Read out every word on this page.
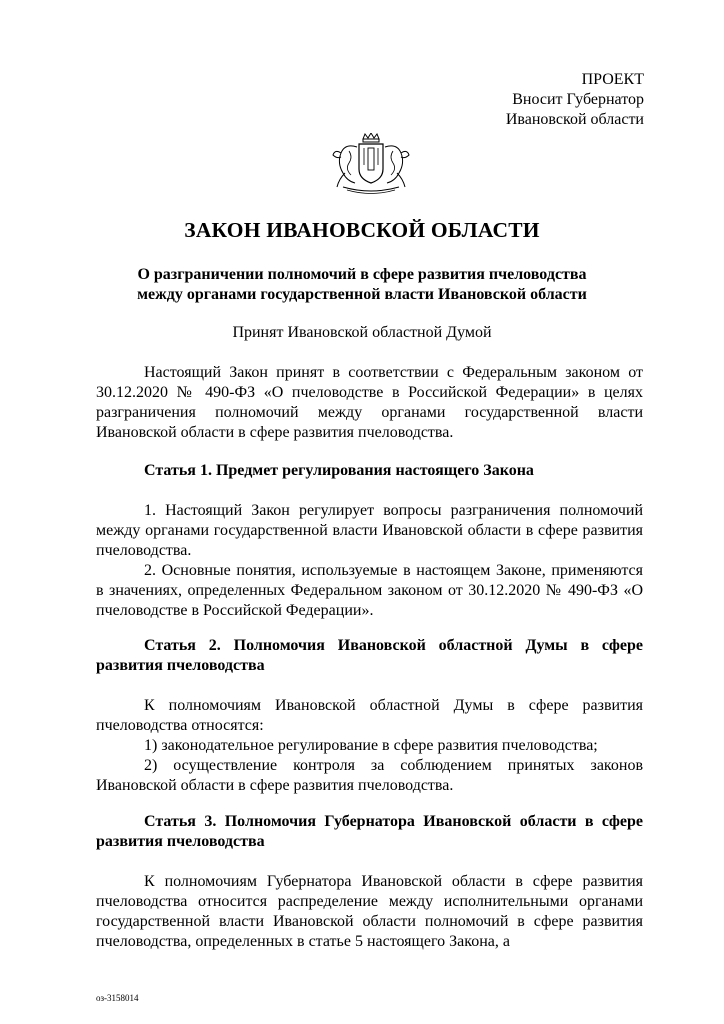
ПРОЕКТ
Вносит Губернатор
Ивановской области
ЗАКОН ИВАНОВСКОЙ ОБЛАСТИ
О разграничении полномочий в сфере развития пчеловодства
между органами государственной власти Ивановской области
Принят Ивановской областной Думой
Настоящий Закон принят в соответствии с Федеральным законом от 30.12.2020 № 490-ФЗ «О пчеловодстве в Российской Федерации» в целях разграничения полномочий между органами государственной власти Ивановской области в сфере развития пчеловодства.
Статья 1. Предмет регулирования настоящего Закона
1. Настоящий Закон регулирует вопросы разграничения полномочий между органами государственной власти Ивановской области в сфере развития пчеловодства.
2. Основные понятия, используемые в настоящем Законе, применяются в значениях, определенных Федеральном законом от 30.12.2020 № 490-ФЗ «О пчеловодстве в Российской Федерации».
Статья 2. Полномочия Ивановской областной Думы в сфере развития пчеловодства
К полномочиям Ивановской областной Думы в сфере развития пчеловодства относятся:
1) законодательное регулирование в сфере развития пчеловодства;
2) осуществление контроля за соблюдением принятых законов Ивановской области в сфере развития пчеловодства.
Статья 3. Полномочия Губернатора Ивановской области в сфере развития пчеловодства
К полномочиям Губернатора Ивановской области в сфере развития пчеловодства относится распределение между исполнительными органами государственной власти Ивановской области полномочий в сфере развития пчеловодства, определенных в статье 5 настоящего Закона, а
оз-3158014
